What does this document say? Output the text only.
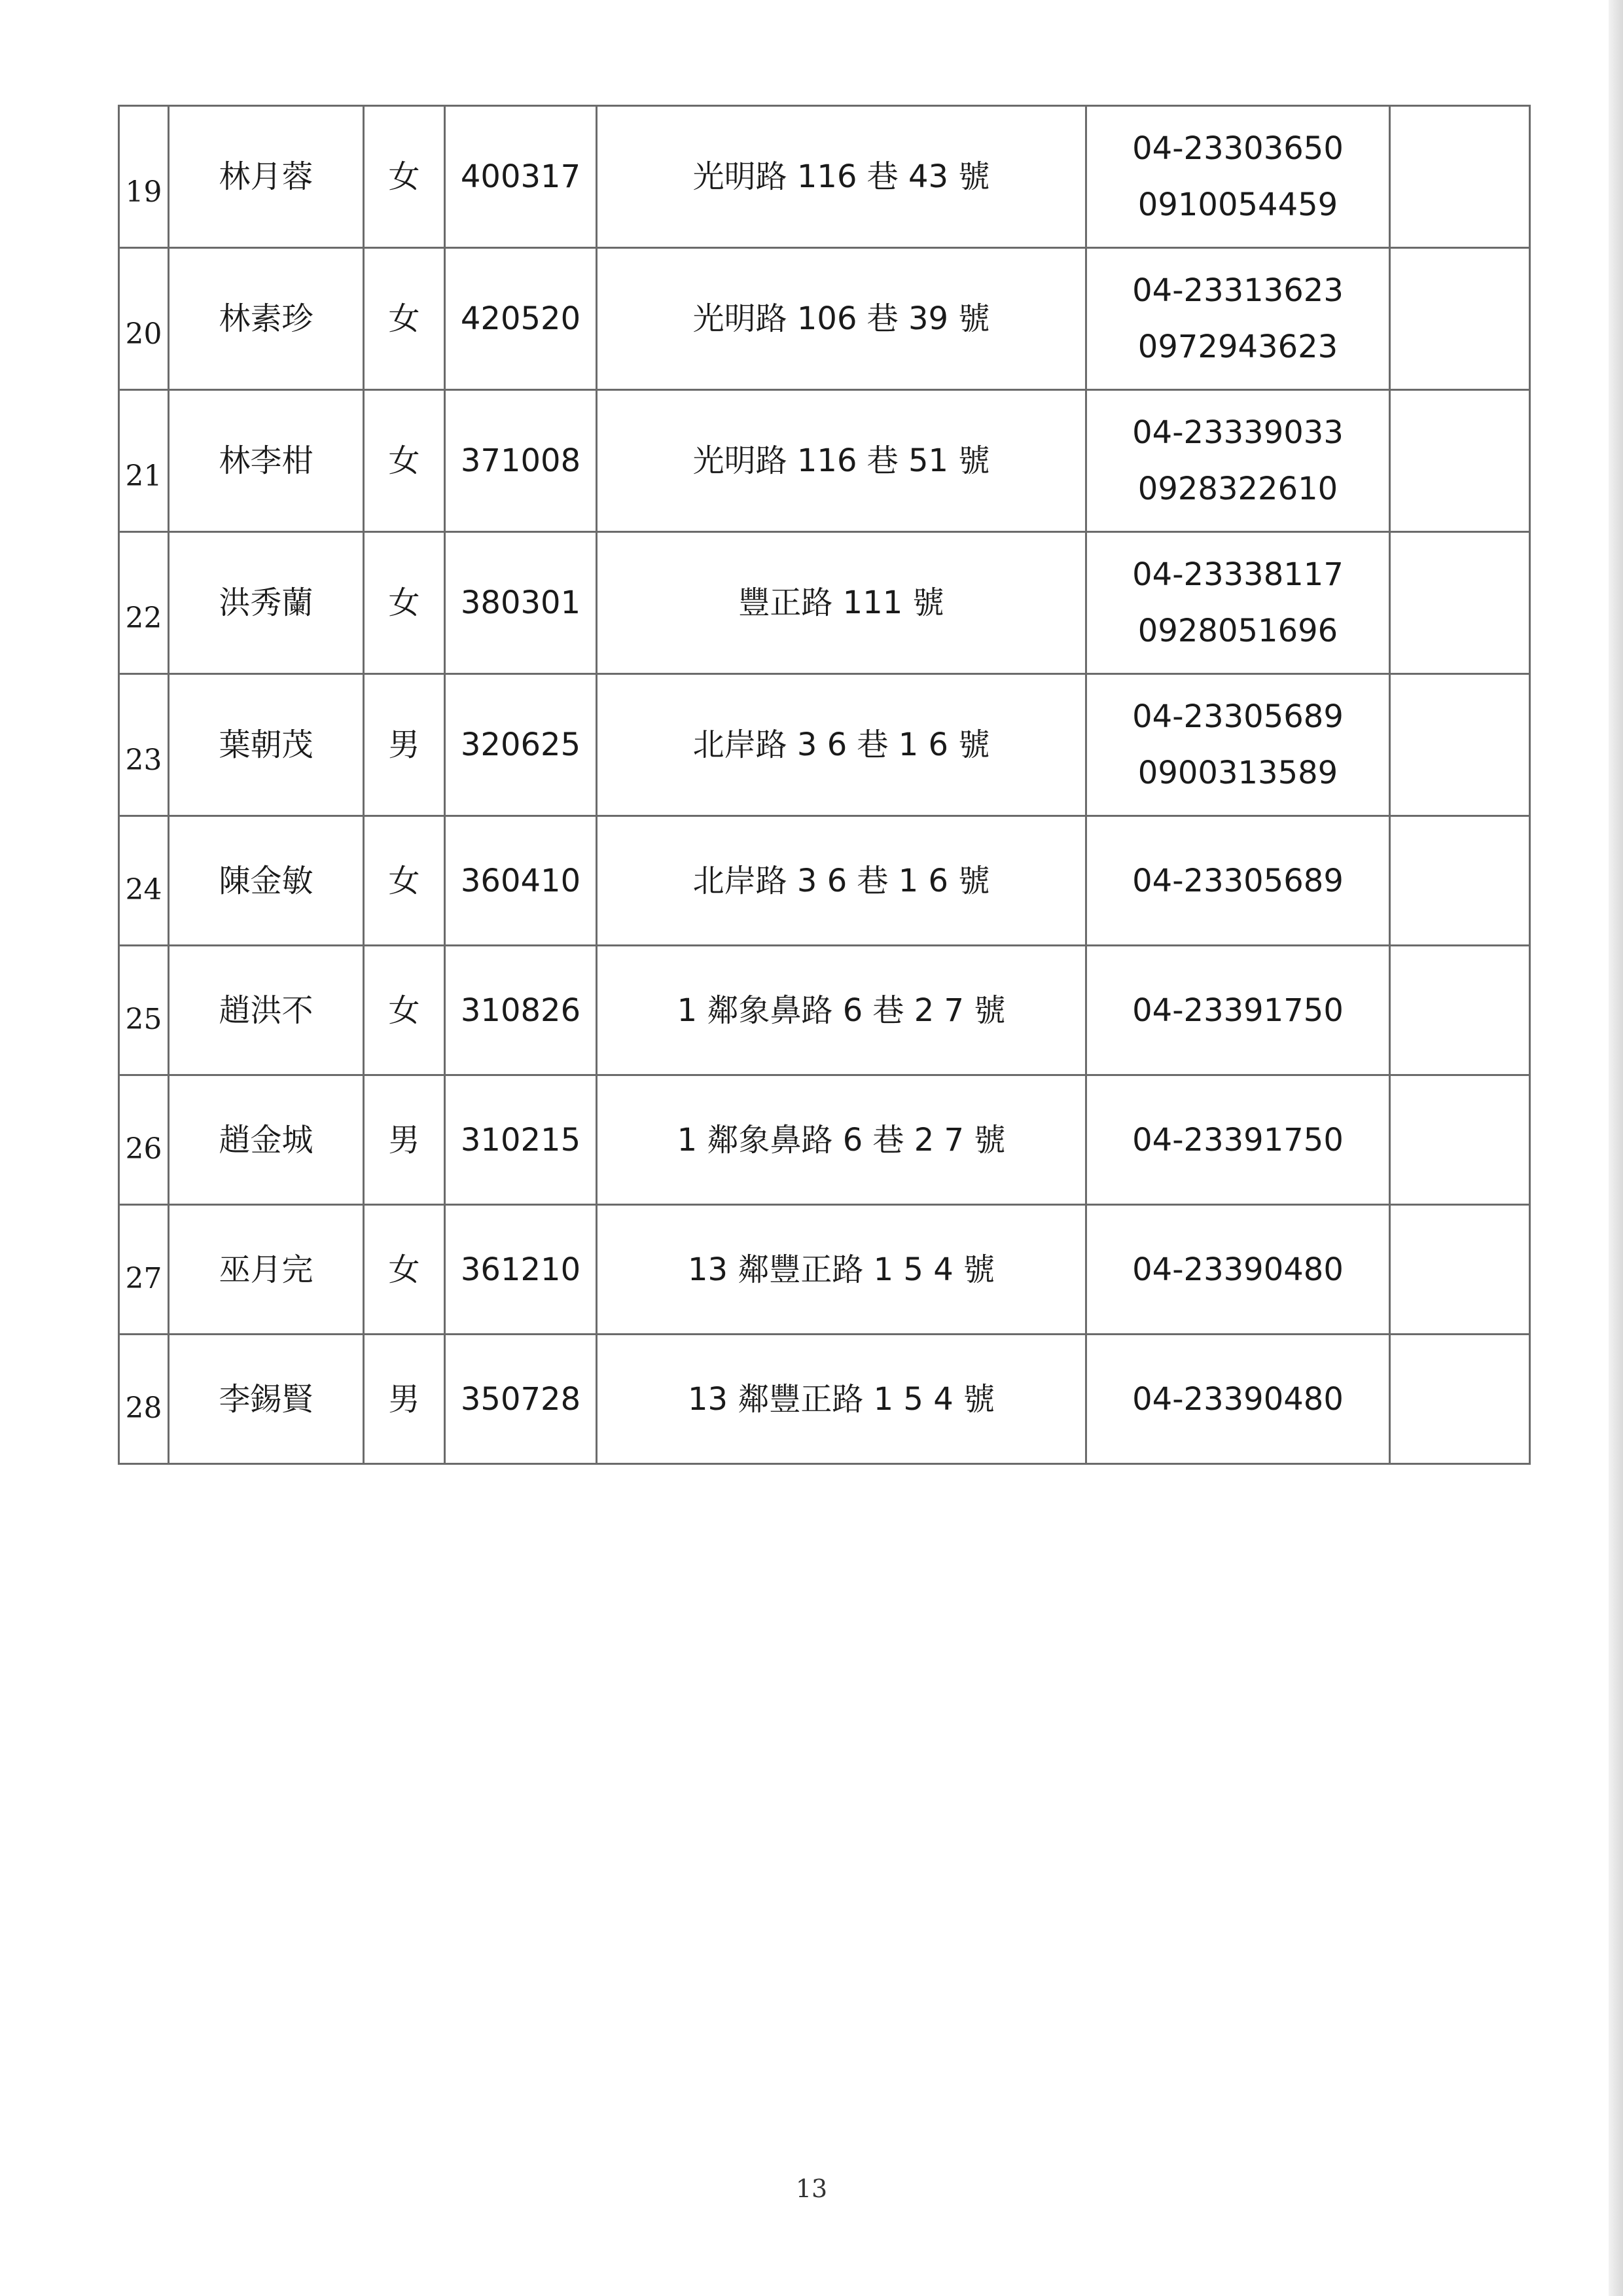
19	林月蓉	女	400317	光明路 116 巷 43 號	04-23303650
0910054459	

20	林素珍	女	420520	光明路 106 巷 39 號	04-23313623
0972943623	

21	林李柑	女	371008	光明路 116 巷 51 號	04-23339033
0928322610	

22	洪秀蘭	女	380301	豐正路 111 號	04-23338117
0928051696	

23	葉朝茂	男	320625	北岸路 3 6 巷 1 6 號	04-23305689
0900313589	

24	陳金敏	女	360410	北岸路 3 6 巷 1 6 號	04-23305689	

25	趙洪不	女	310826	1 鄰象鼻路 6 巷 2 7 號	04-23391750	

26	趙金城	男	310215	1 鄰象鼻路 6 巷 2 7 號	04-23391750	

27	巫月完	女	361210	13 鄰豐正路 1 5 4 號	04-23390480	

28	李錫賢	男	350728	13 鄰豐正路 1 5 4 號	04-23390480	

13
